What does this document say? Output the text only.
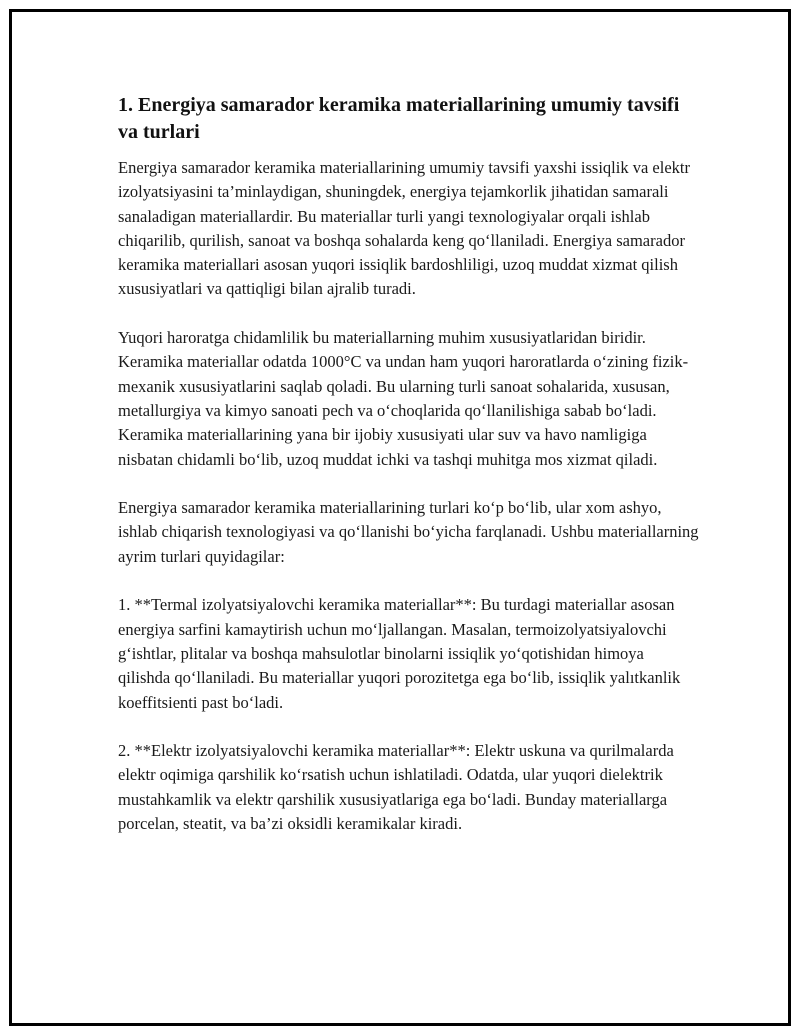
1. Energiya samarador keramika materiallarining umumiy tavsifi va turlari

Energiya samarador keramika materiallarining umumiy tavsifi yaxshi issiqlik va elektr izolyatsiyasini ta’minlaydigan, shuningdek, energiya tejamkorlik jihatidan samarali sanaladigan materiallardir. Bu materiallar turli yangi texnologiyalar orqali ishlab chiqarilib, qurilish, sanoat va boshqa sohalarda keng qo‘llaniladi. Energiya samarador keramika materiallari asosan yuqori issiqlik bardoshliligi, uzoq muddat xizmat qilish xususiyatlari va qattiqligi bilan ajralib turadi.

Yuqori haroratga chidamlilik bu materiallarning muhim xususiyatlaridan biridir. Keramika materiallar odatda 1000°C va undan ham yuqori haroratlarda o‘zining fizik-mexanik xususiyatlarini saqlab qoladi. Bu ularning turli sanoat sohalarida, xususan, metallurgiya va kimyo sanoati pech va o‘choqlarida qo‘llanilishiga sabab bo‘ladi. Keramika materiallarining yana bir ijobiy xususiyati ular suv va havo namligiga nisbatan chidamli bo‘lib, uzoq muddat ichki va tashqi muhitga mos xizmat qiladi.

Energiya samarador keramika materiallarining turlari ko‘p bo‘lib, ular xom ashyo, ishlab chiqarish texnologiyasi va qo‘llanishi bo‘yicha farqlanadi. Ushbu materiallarning ayrim turlari quyidagilar:

1. **Termal izolyatsiyalovchi keramika materiallar**: Bu turdagi materiallar asosan energiya sarfini kamaytirish uchun mo‘ljallangan. Masalan, termoizolyatsiyalovchi g‘ishtlar, plitalar va boshqa mahsulotlar binolarni issiqlik yo‘qotishidan himoya qilishda qo‘llaniladi. Bu materiallar yuqori porozitetga ega bo‘lib, issiqlik yalıtkanlik koeffitsienti past bo‘ladi.

2. **Elektr izolyatsiyalovchi keramika materiallar**: Elektr uskuna va qurilmalarda elektr oqimiga qarshilik ko‘rsatish uchun ishlatiladi. Odatda, ular yuqori dielektrik mustahkamlik va elektr qarshilik xususiyatlariga ega bo‘ladi. Bunday materiallarga porcelan, steatit, va ba’zi oksidli keramikalar kiradi.
